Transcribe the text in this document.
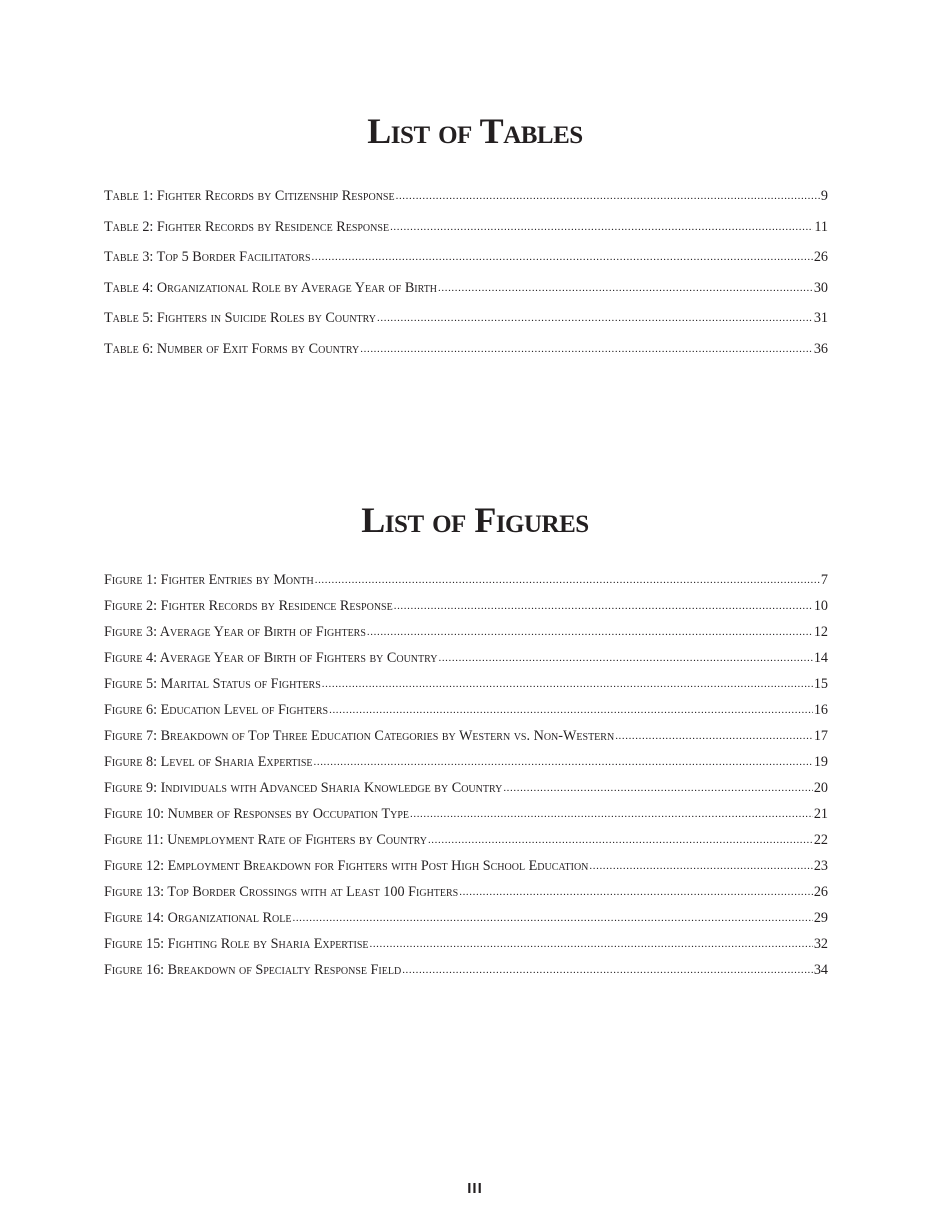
List of Tables
Table 1: Fighter Records by Citizenship Response .....	9
Table 2: Fighter Records by Residence Response .....	11
Table 3: Top 5 Border Facilitators .....	26
Table 4: Organizational Role by Average Year of Birth .....	30
Table 5: Fighters in Suicide Roles by Country .....	31
Table 6: Number of Exit Forms by Country .....	36
List of Figures
Figure 1: Fighter Entries by Month .....	7
Figure 2: Fighter Records by Residence Response .....	10
Figure 3: Average Year of Birth of Fighters .....	12
Figure 4: Average Year of Birth of Fighters by Country .....	14
Figure 5: Marital Status of Fighters .....	15
Figure 6: Education Level of Fighters .....	16
Figure 7: Breakdown of Top Three Education Categories by Western vs. Non-Western .....	17
Figure 8: Level of Sharia Expertise .....	19
Figure 9: Individuals with Advanced Sharia Knowledge by Country .....	20
Figure 10: Number of Responses by Occupation Type .....	21
Figure 11: Unemployment Rate of Fighters by Country .....	22
Figure 12: Employment Breakdown for Fighters with Post High School Education .....	23
Figure 13: Top Border Crossings with at Least 100 Fighters .....	26
Figure 14: Organizational Role .....	29
Figure 15: Fighting Role by Sharia Expertise .....	32
Figure 16: Breakdown of Specialty Response Field .....	34
III
